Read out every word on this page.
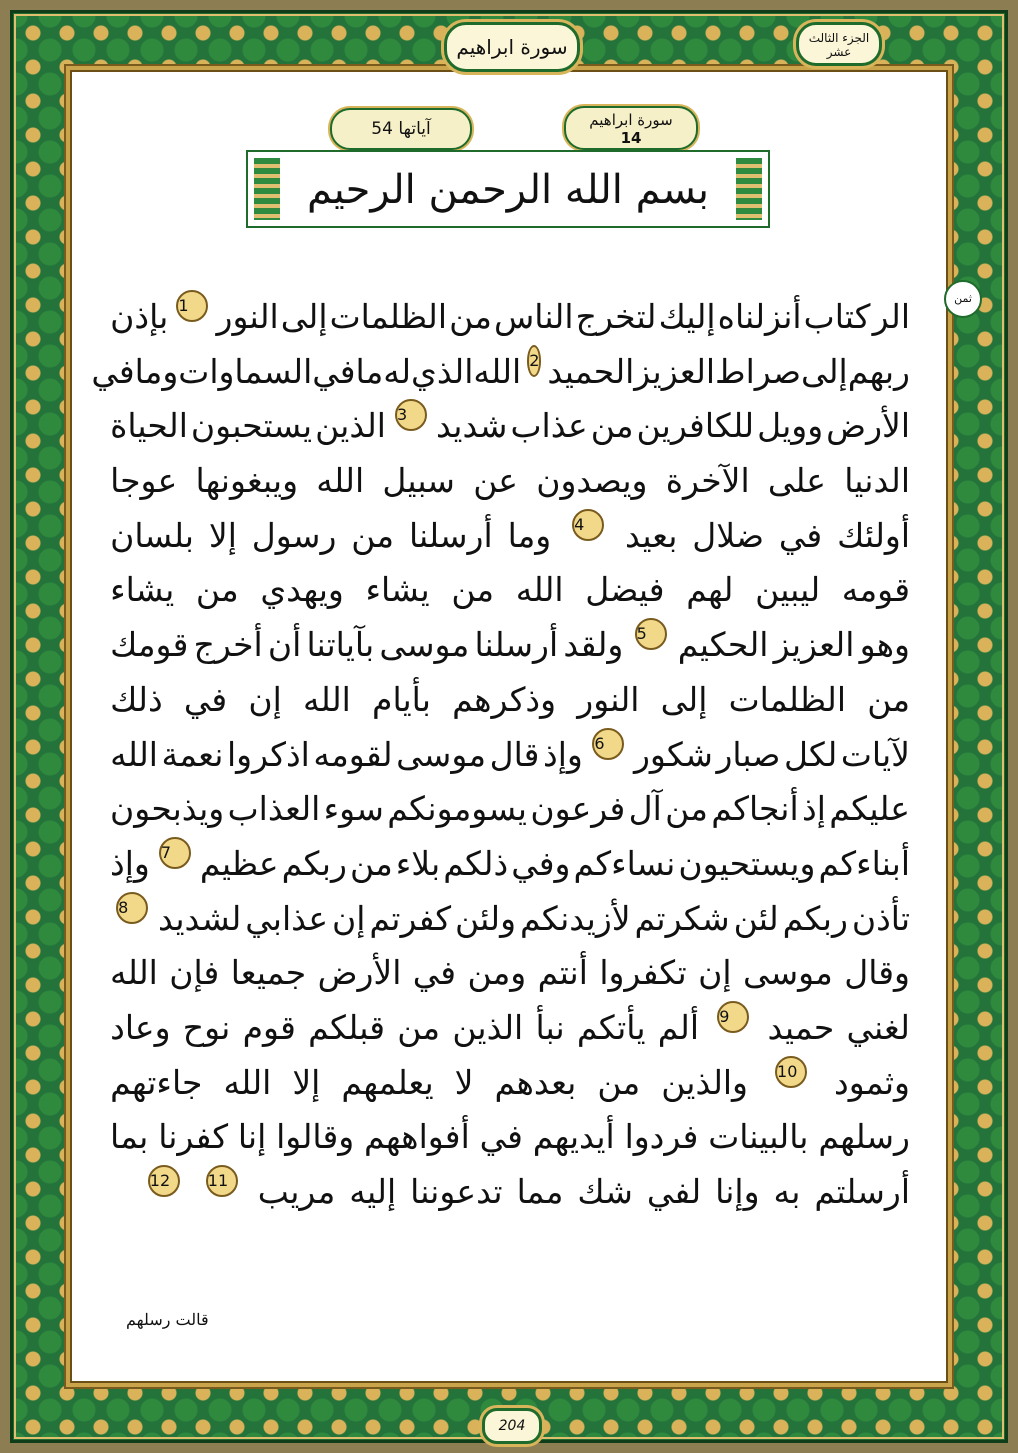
سورة ابراهيم	الجزء الثالث عشر
سورة ابراهيم
14
آياتها 54
بسم الله الرحمن الرحيم
ثمن
الر
كتاب
أنزلناه
إليك
لتخرج
الناس
من
الظلمات
إلى
النور
1
بإذن
ربهم
إلى
صراط
العزيز
الحميد
2
الله
الذي
له
ما
في
السماوات
وما
في
الأرض
وويل
للكافرين
من
عذاب
شديد
3
الذين
يستحبون
الحياة
الدنيا
على
الآخرة
ويصدون
عن
سبيل
الله
ويبغونها
عوجا
أولئك
في
ضلال
بعيد
4
وما
أرسلنا
من
رسول
إلا
بلسان
قومه
ليبين
لهم
فيضل
الله
من
يشاء
ويهدي
من
يشاء
وهو
العزيز
الحكيم
5
ولقد
أرسلنا
موسى
بآياتنا
أن
أخرج
قومك
من
الظلمات
إلى
النور
وذكرهم
بأيام
الله
إن
في
ذلك
لآيات
لكل
صبار
شكور
6
وإذ
قال
موسى
لقومه
اذكروا
نعمة
الله
عليكم
إذ
أنجاكم
من
آل
فرعون
يسومونكم
سوء
العذاب
ويذبحون
أبناءكم
ويستحيون
نساءكم
وفي
ذلكم
بلاء
من
ربكم
عظيم
7
وإذ
تأذن
ربكم
لئن
شكرتم
لأزيدنكم
ولئن
كفرتم
إن
عذابي
لشديد
8
وقال
موسى
إن
تكفروا
أنتم
ومن
في
الأرض
جميعا
فإن
الله
لغني
حميد
9
ألم
يأتكم
نبأ
الذين
من
قبلكم
قوم
نوح
وعاد
وثمود
10
والذين
من
بعدهم
لا
يعلمهم
إلا
الله
جاءتهم
رسلهم
بالبينات
فردوا
أيديهم
في
أفواههم
وقالوا
إنا
كفرنا
بما
أرسلتم
به
وإنا
لفي
شك
مما
تدعوننا
إليه
مريب
11
12
قالت رسلهم
204
